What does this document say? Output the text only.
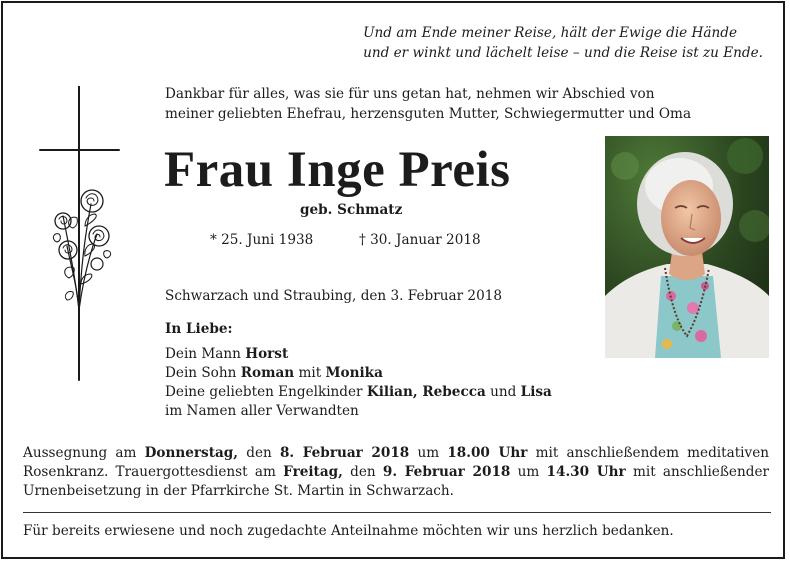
Und am Ende meiner Reise, hält der Ewige die Hände
und er winkt und lächelt leise – und die Reise ist zu Ende.
Dankbar für alles, was sie für uns getan hat, nehmen wir Abschied von
meiner geliebten Ehefrau, herzensguten Mutter, Schwiegermutter und Oma
Frau Inge Preis
geb. Schmatz
* 25. Juni 1938	† 30. Januar 2018
Schwarzach und Straubing, den 3. Februar 2018
In Liebe:
Dein Mann Horst
Dein Sohn Roman mit Monika
Deine geliebten Engelkinder Kilian, Rebecca und Lisa
im Namen aller Verwandten
Aussegnung am Donnerstag, den 8. Februar 2018 um 18.00 Uhr mit anschließendem meditativen Rosenkranz. Trauergottesdienst am Freitag, den 9. Februar 2018 um 14.30 Uhr mit anschließender Urnenbeisetzung in der Pfarrkirche St. Martin in Schwarzach.
Für bereits erwiesene und noch zugedachte Anteilnahme möchten wir uns herzlich bedanken.
